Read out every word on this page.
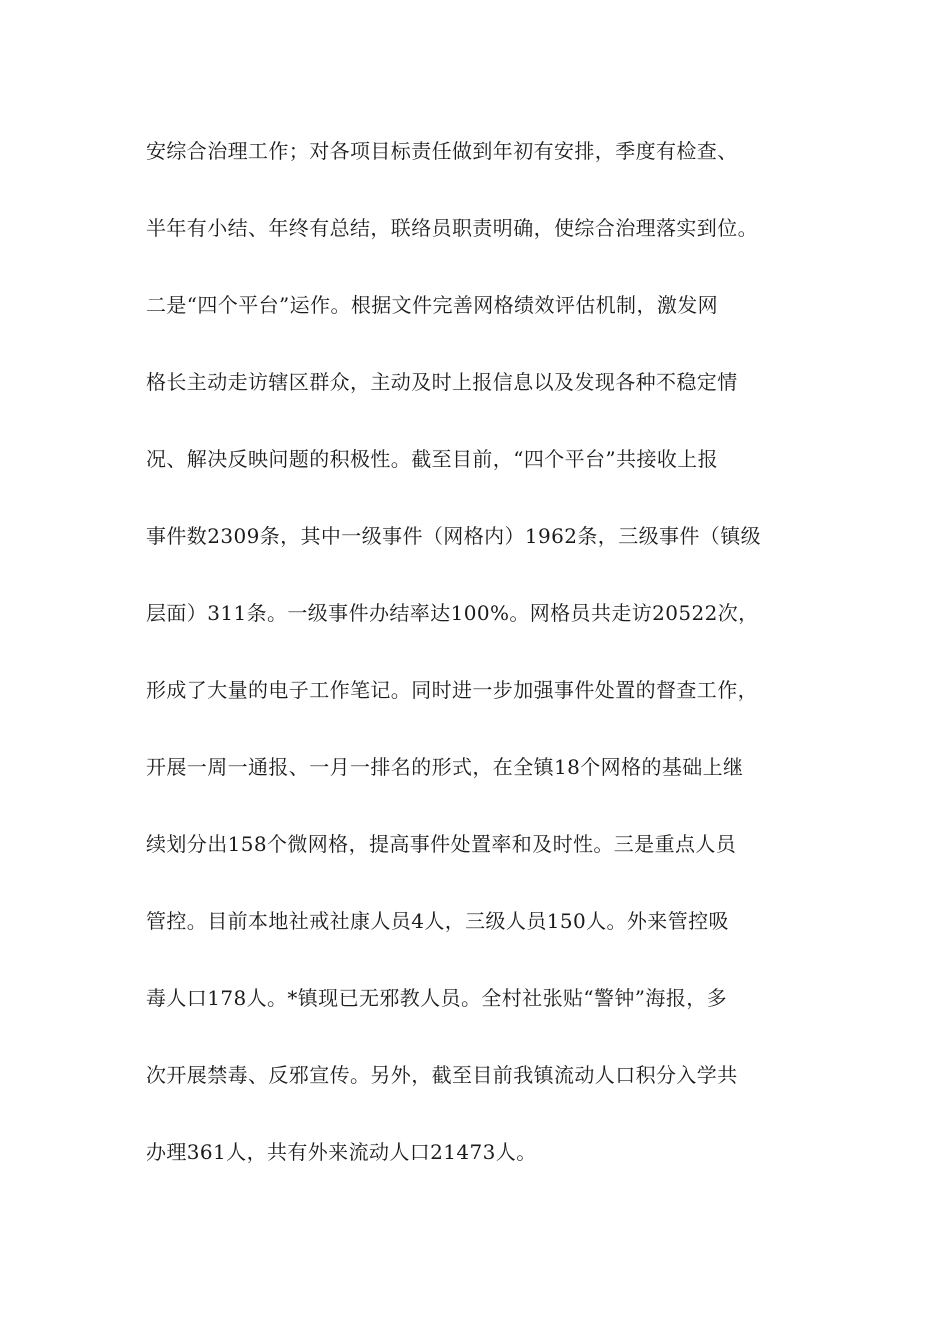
安综合治理工作；对各项目标责任做到年初有安排，季度有检查、
半年有小结、年终有总结，联络员职责明确，使综合治理落实到位。
二是“四个平台”运作。根据文件完善网格绩效评估机制，激发网
格长主动走访辖区群众，主动及时上报信息以及发现各种不稳定情
况、解决反映问题的积极性。截至目前，“四个平台”共接收上报
事件数2309条，其中一级事件（网格内）1962条，三级事件（镇级
层面）311条。一级事件办结率达100%。网格员共走访20522次，
形成了大量的电子工作笔记。同时进一步加强事件处置的督查工作，
开展一周一通报、一月一排名的形式，在全镇18个网格的基础上继
续划分出158个微网格，提高事件处置率和及时性。三是重点人员
管控。目前本地社戒社康人员4人，三级人员150人。外来管控吸
毒人口178人。*镇现已无邪教人员。全村社张贴“警钟”海报，多
次开展禁毒、反邪宣传。另外，截至目前我镇流动人口积分入学共
办理361人，共有外来流动人口21473人。
